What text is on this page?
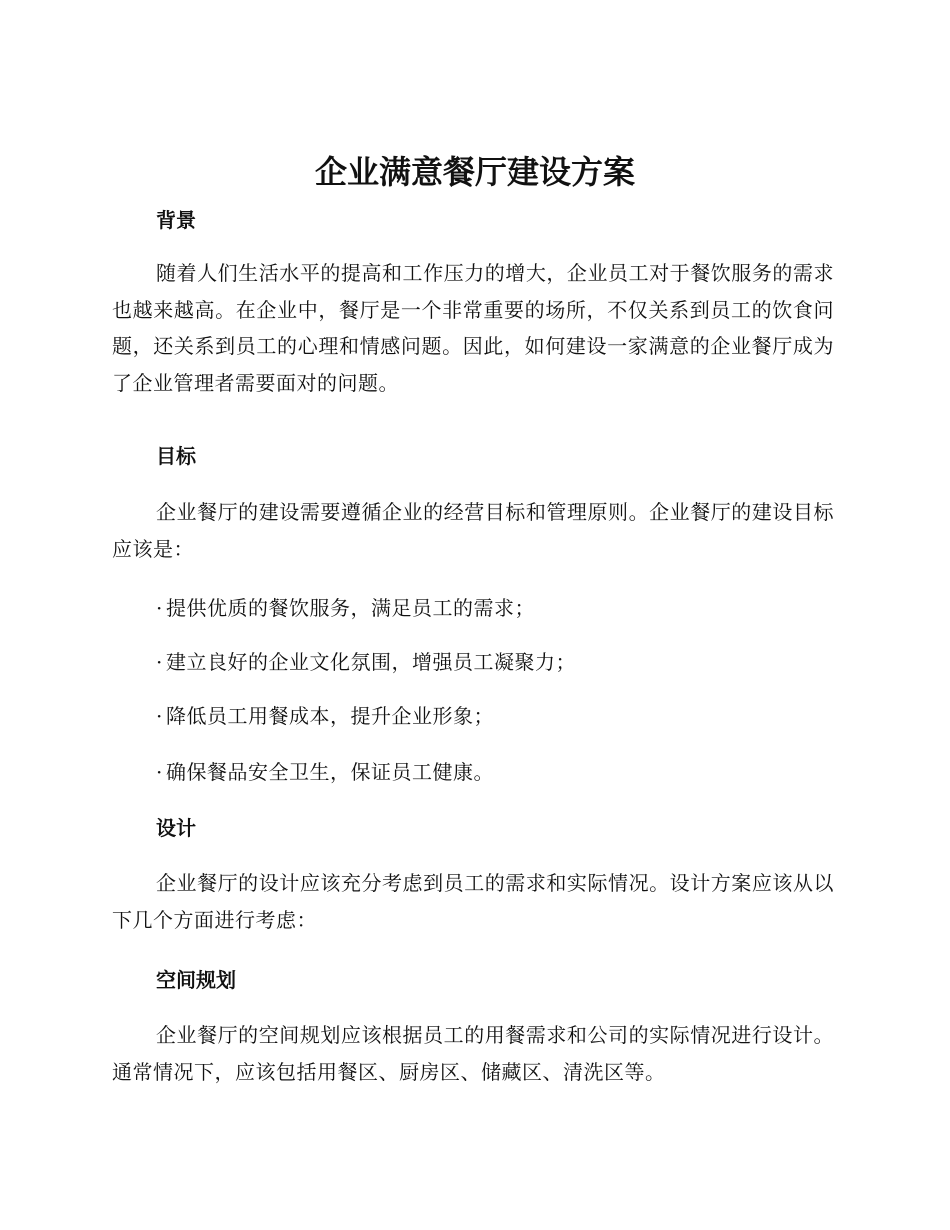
企业满意餐厅建设方案
背景

随着人们生活水平的提高和工作压力的增大，企业员工对于餐饮服务的需求也越来越高。在企业中，餐厅是一个非常重要的场所，不仅关系到员工的饮食问题，还关系到员工的心理和情感问题。因此，如何建设一家满意的企业餐厅成为了企业管理者需要面对的问题。

目标

企业餐厅的建设需要遵循企业的经营目标和管理原则。企业餐厅的建设目标应该是：

· 提供优质的餐饮服务，满足员工的需求；

· 建立良好的企业文化氛围，增强员工凝聚力；

· 降低员工用餐成本，提升企业形象；

· 确保餐品安全卫生，保证员工健康。

设计

企业餐厅的设计应该充分考虑到员工的需求和实际情况。设计方案应该从以下几个方面进行考虑：

空间规划

企业餐厅的空间规划应该根据员工的用餐需求和公司的实际情况进行设计。通常情况下，应该包括用餐区、厨房区、储藏区、清洗区等。
